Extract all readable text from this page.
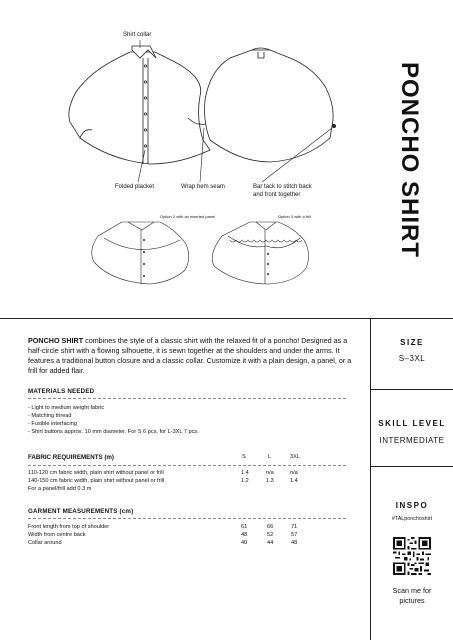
Shirt collar
Folded placket	Wrap hem seam	Bar tack to stitch back
and front together
Option 2 with an inserted panel	Option 3 with a frill	PONCHO SHIRT
PONCHO SHIRT combines the style of a classic shirt with the relaxed fit of a poncho! Designed as a half-circle shirt with a flowing silhouette, it is sewn together at the shoulders and under the arms. It features a traditional button closure and a classic collar. Customize it with a plain design, a panel, or a frill for added flair.
MATERIALS NEEDED
- Light to medium weight fabric
- Matching thread
- Fusible interfacing
- Shirt buttons approx. 10 mm diameter. For S 6 pcs, for L-3XL 7 pcs.
FABRIC REQUIREMENTS (m)	S	L	3XL
110-120 cm fabric width, plain shirt without panel or frill	1.4	n/a	n/a
140-150 cm fabric width, plain shirt without panel or frill	1.2	1.3	1.4
For a panel/frill add 0.3 m
GARMENT MEASUREMENTS (cm)
Front length from top of shoulder	61	66	71
Width from centre back	48	52	57
Collar around	40	44	48
SIZE
S–3XL
SKILL LEVEL
INTERMEDIATE
INSPO
#TALponchoshirt
Scan me for
pictures
